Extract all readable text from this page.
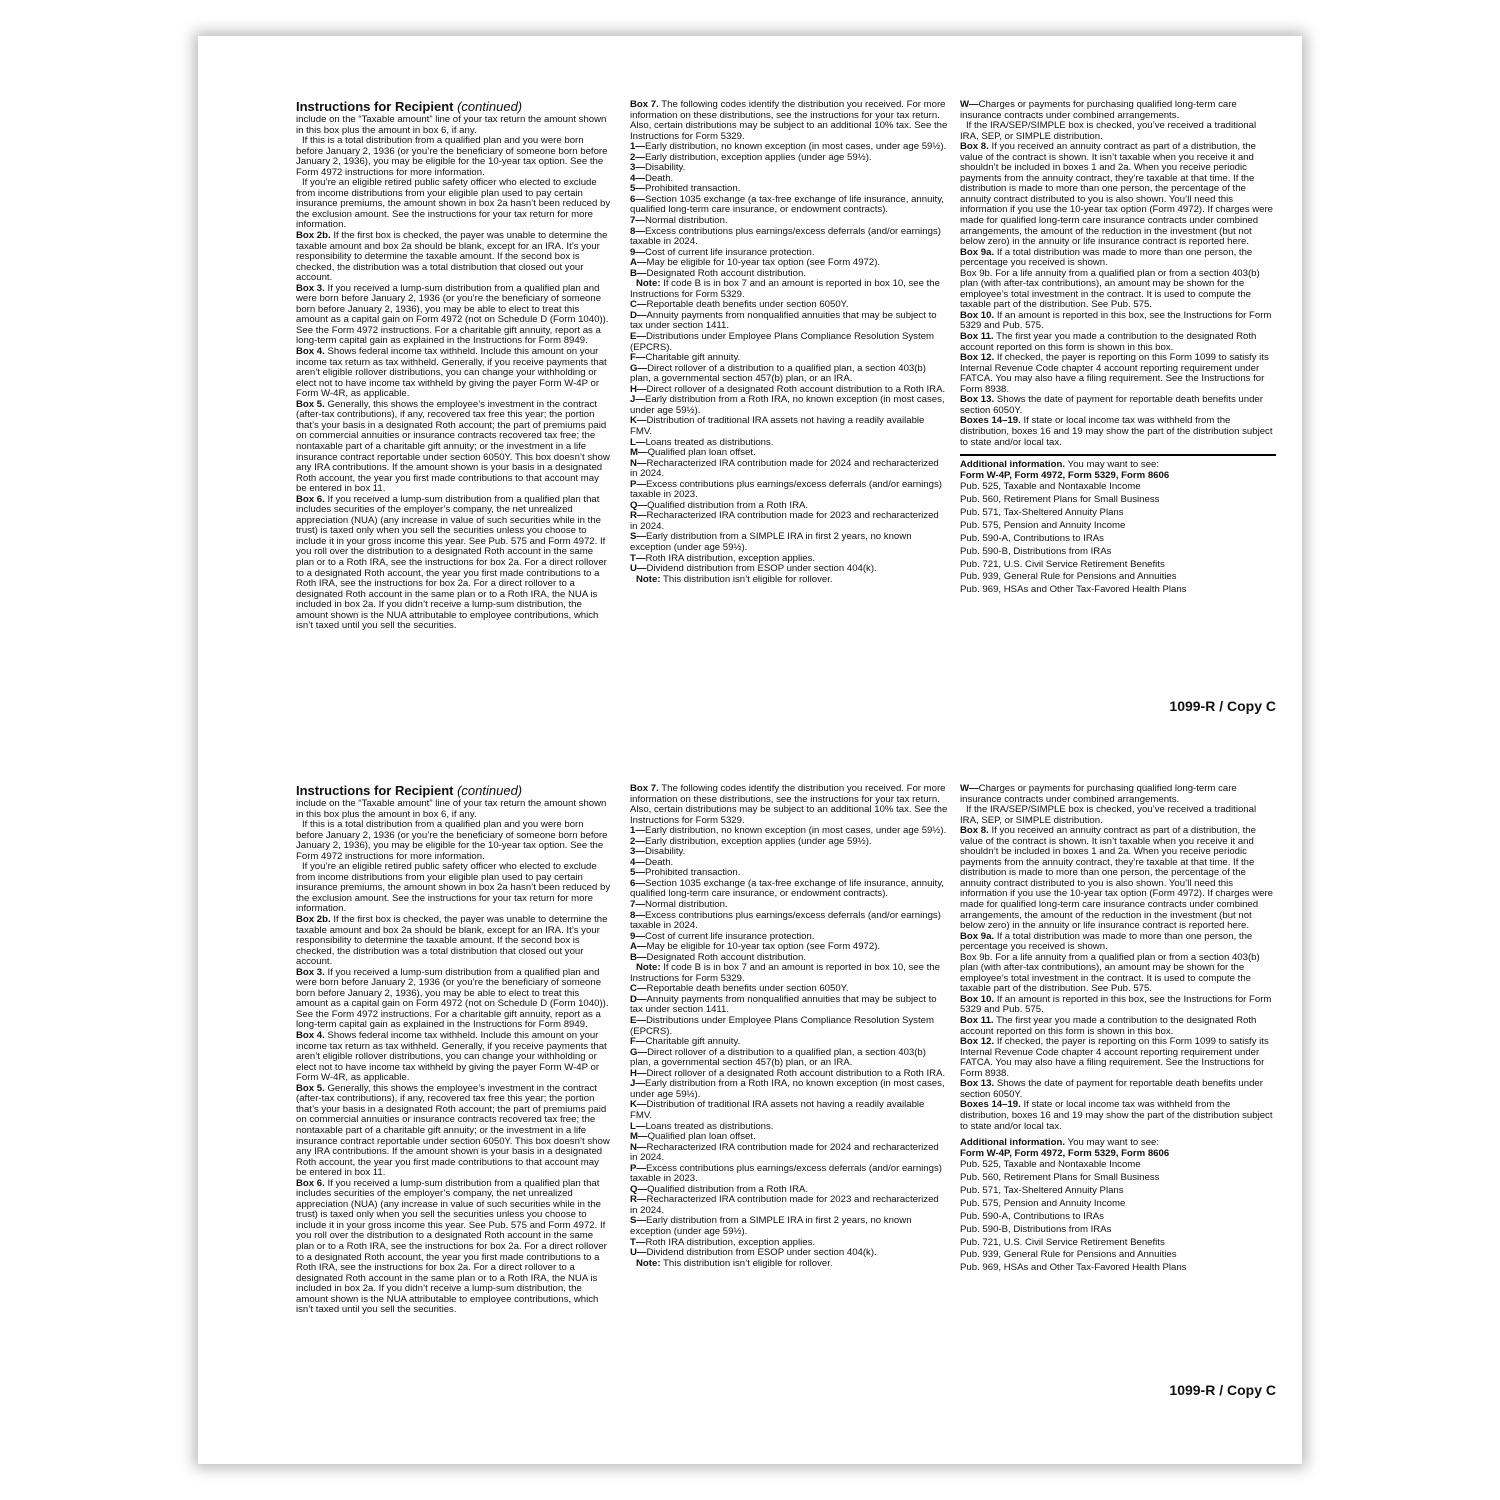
Instructions for Recipient (continued)

include on the “Taxable amount” line of your tax return the amount shown in this box plus the amount in box 6, if any.

If this is a total distribution from a qualified plan and you were born before January 2, 1936 (or you’re the beneficiary of someone born before January 2, 1936), you may be eligible for the 10-year tax option. See the Form 4972 instructions for more information.

If you’re an eligible retired public safety officer who elected to exclude from income distributions from your eligible plan used to pay certain insurance premiums, the amount shown in box 2a hasn’t been reduced by the exclusion amount. See the instructions for your tax return for more information.

Box 2b. If the first box is checked, the payer was unable to determine the taxable amount and box 2a should be blank, except for an IRA. It’s your responsibility to determine the taxable amount. If the second box is checked, the distribution was a total distribution that closed out your account.

Box 3. If you received a lump-sum distribution from a qualified plan and were born before January 2, 1936 (or you’re the beneficiary of someone born before January 2, 1936), you may be able to elect to treat this amount as a capital gain on Form 4972 (not on Schedule D (Form 1040)). See the Form 4972 instructions. For a charitable gift annuity, report as a long-term capital gain as explained in the Instructions for Form 8949.

Box 4. Shows federal income tax withheld. Include this amount on your income tax return as tax withheld. Generally, if you receive payments that aren’t eligible rollover distributions, you can change your withholding or elect not to have income tax withheld by giving the payer Form W-4P or Form W-4R, as applicable.

Box 5. Generally, this shows the employee’s investment in the contract (after-tax contributions), if any, recovered tax free this year; the portion that’s your basis in a designated Roth account; the part of premiums paid on commercial annuities or insurance contracts recovered tax free; the nontaxable part of a charitable gift annuity; or the investment in a life insurance contract reportable under section 6050Y. This box doesn’t show any IRA contributions. If the amount shown is your basis in a designated Roth account, the year you first made contributions to that account may be entered in box 11.

Box 6. If you received a lump-sum distribution from a qualified plan that includes securities of the employer’s company, the net unrealized appreciation (NUA) (any increase in value of such securities while in the trust) is taxed only when you sell the securities unless you choose to include it in your gross income this year. See Pub. 575 and Form 4972. If you roll over the distribution to a designated Roth account in the same plan or to a Roth IRA, see the instructions for box 2a. For a direct rollover to a designated Roth account, the year you first made contributions to a Roth IRA, see the instructions for box 2a. For a direct rollover to a designated Roth account in the same plan or to a Roth IRA, the NUA is included in box 2a. If you didn’t receive a lump-sum distribution, the amount shown is the NUA attributable to employee contributions, which isn’t taxed until you sell the securities.

Box 7. The following codes identify the distribution you received. For more information on these distributions, see the instructions for your tax return. Also, certain distributions may be subject to an additional 10% tax. See the Instructions for Form 5329.

1—Early distribution, no known exception (in most cases, under age 59½).

2—Early distribution, exception applies (under age 59½).

3—Disability.

4—Death.

5—Prohibited transaction.

6—Section 1035 exchange (a tax-free exchange of life insurance, annuity, qualified long-term care insurance, or endowment contracts).

7—Normal distribution.

8—Excess contributions plus earnings/excess deferrals (and/or earnings) taxable in 2024.

9—Cost of current life insurance protection.

A—May be eligible for 10-year tax option (see Form 4972).

B—Designated Roth account distribution.

Note: If code B is in box 7 and an amount is reported in box 10, see the Instructions for Form 5329.

C—Reportable death benefits under section 6050Y.

D—Annuity payments from nonqualified annuities that may be subject to tax under section 1411.

E—Distributions under Employee Plans Compliance Resolution System (EPCRS).

F—Charitable gift annuity.

G—Direct rollover of a distribution to a qualified plan, a section 403(b) plan, a governmental section 457(b) plan, or an IRA.

H—Direct rollover of a designated Roth account distribution to a Roth IRA.

J—Early distribution from a Roth IRA, no known exception (in most cases, under age 59½).

K—Distribution of traditional IRA assets not having a readily available FMV.

L—Loans treated as distributions.

M—Qualified plan loan offset.

N—Recharacterized IRA contribution made for 2024 and recharacterized in 2024.

P—Excess contributions plus earnings/excess deferrals (and/or earnings) taxable in 2023.

Q—Qualified distribution from a Roth IRA.

R—Recharacterized IRA contribution made for 2023 and recharacterized in 2024.

S—Early distribution from a SIMPLE IRA in first 2 years, no known exception (under age 59½).

T—Roth IRA distribution, exception applies.

U—Dividend distribution from ESOP under section 404(k).

Note: This distribution isn’t eligible for rollover.

W—Charges or payments for purchasing qualified long-term care insurance contracts under combined arrangements.

If the IRA/SEP/SIMPLE box is checked, you’ve received a traditional IRA, SEP, or SIMPLE distribution.

Box 8. If you received an annuity contract as part of a distribution, the value of the contract is shown. It isn’t taxable when you receive it and shouldn’t be included in boxes 1 and 2a. When you receive periodic payments from the annuity contract, they’re taxable at that time. If the distribution is made to more than one person, the percentage of the annuity contract distributed to you is also shown. You’ll need this information if you use the 10-year tax option (Form 4972). If charges were made for qualified long-term care insurance contracts under combined arrangements, the amount of the reduction in the investment (but not below zero) in the annuity or life insurance contract is reported here.

Box 9a. If a total distribution was made to more than one person, the percentage you received is shown.

Box 9b. For a life annuity from a qualified plan or from a section 403(b) plan (with after-tax contributions), an amount may be shown for the employee’s total investment in the contract. It is used to compute the taxable part of the distribution. See Pub. 575.

Box 10. If an amount is reported in this box, see the Instructions for Form 5329 and Pub. 575.

Box 11. The first year you made a contribution to the designated Roth account reported on this form is shown in this box.

Box 12. If checked, the payer is reporting on this Form 1099 to satisfy its Internal Revenue Code chapter 4 account reporting requirement under FATCA. You may also have a filing requirement. See the Instructions for Form 8938.

Box 13. Shows the date of payment for reportable death benefits under section 6050Y.

Boxes 14–19. If state or local income tax was withheld from the distribution, boxes 16 and 19 may show the part of the distribution subject to state and/or local tax.

Additional information. You may want to see:
Form W-4P, Form 4972, Form 5329, Form 8606
Pub. 525, Taxable and Nontaxable Income
Pub. 560, Retirement Plans for Small Business
Pub. 571, Tax-Sheltered Annuity Plans
Pub. 575, Pension and Annuity Income
Pub. 590-A, Contributions to IRAs
Pub. 590-B, Distributions from IRAs
Pub. 721, U.S. Civil Service Retirement Benefits
Pub. 939, General Rule for Pensions and Annuities
Pub. 969, HSAs and Other Tax-Favored Health Plans
1099-R / Copy C
Instructions for Recipient (continued)

include on the “Taxable amount” line of your tax return the amount shown in this box plus the amount in box 6, if any.

If this is a total distribution from a qualified plan and you were born before January 2, 1936 (or you’re the beneficiary of someone born before January 2, 1936), you may be eligible for the 10-year tax option. See the Form 4972 instructions for more information.

If you’re an eligible retired public safety officer who elected to exclude from income distributions from your eligible plan used to pay certain insurance premiums, the amount shown in box 2a hasn’t been reduced by the exclusion amount. See the instructions for your tax return for more information.

Box 2b. If the first box is checked, the payer was unable to determine the taxable amount and box 2a should be blank, except for an IRA. It’s your responsibility to determine the taxable amount. If the second box is checked, the distribution was a total distribution that closed out your account.

Box 3. If you received a lump-sum distribution from a qualified plan and were born before January 2, 1936 (or you’re the beneficiary of someone born before January 2, 1936), you may be able to elect to treat this amount as a capital gain on Form 4972 (not on Schedule D (Form 1040)). See the Form 4972 instructions. For a charitable gift annuity, report as a long-term capital gain as explained in the Instructions for Form 8949.

Box 4. Shows federal income tax withheld. Include this amount on your income tax return as tax withheld. Generally, if you receive payments that aren’t eligible rollover distributions, you can change your withholding or elect not to have income tax withheld by giving the payer Form W-4P or Form W-4R, as applicable.

Box 5. Generally, this shows the employee’s investment in the contract (after-tax contributions), if any, recovered tax free this year; the portion that’s your basis in a designated Roth account; the part of premiums paid on commercial annuities or insurance contracts recovered tax free; the nontaxable part of a charitable gift annuity; or the investment in a life insurance contract reportable under section 6050Y. This box doesn’t show any IRA contributions. If the amount shown is your basis in a designated Roth account, the year you first made contributions to that account may be entered in box 11.

Box 6. If you received a lump-sum distribution from a qualified plan that includes securities of the employer’s company, the net unrealized appreciation (NUA) (any increase in value of such securities while in the trust) is taxed only when you sell the securities unless you choose to include it in your gross income this year. See Pub. 575 and Form 4972. If you roll over the distribution to a designated Roth account in the same plan or to a Roth IRA, see the instructions for box 2a. For a direct rollover to a designated Roth account, the year you first made contributions to a Roth IRA, see the instructions for box 2a. For a direct rollover to a designated Roth account in the same plan or to a Roth IRA, the NUA is included in box 2a. If you didn’t receive a lump-sum distribution, the amount shown is the NUA attributable to employee contributions, which isn’t taxed until you sell the securities.

Box 7. The following codes identify the distribution you received. For more information on these distributions, see the instructions for your tax return. Also, certain distributions may be subject to an additional 10% tax. See the Instructions for Form 5329.

1—Early distribution, no known exception (in most cases, under age 59½).

2—Early distribution, exception applies (under age 59½).

3—Disability.

4—Death.

5—Prohibited transaction.

6—Section 1035 exchange (a tax-free exchange of life insurance, annuity, qualified long-term care insurance, or endowment contracts).

7—Normal distribution.

8—Excess contributions plus earnings/excess deferrals (and/or earnings) taxable in 2024.

9—Cost of current life insurance protection.

A—May be eligible for 10-year tax option (see Form 4972).

B—Designated Roth account distribution.

Note: If code B is in box 7 and an amount is reported in box 10, see the Instructions for Form 5329.

C—Reportable death benefits under section 6050Y.

D—Annuity payments from nonqualified annuities that may be subject to tax under section 1411.

E—Distributions under Employee Plans Compliance Resolution System (EPCRS).

F—Charitable gift annuity.

G—Direct rollover of a distribution to a qualified plan, a section 403(b) plan, a governmental section 457(b) plan, or an IRA.

H—Direct rollover of a designated Roth account distribution to a Roth IRA.

J—Early distribution from a Roth IRA, no known exception (in most cases, under age 59½).

K—Distribution of traditional IRA assets not having a readily available FMV.

L—Loans treated as distributions.

M—Qualified plan loan offset.

N—Recharacterized IRA contribution made for 2024 and recharacterized in 2024.

P—Excess contributions plus earnings/excess deferrals (and/or earnings) taxable in 2023.

Q—Qualified distribution from a Roth IRA.

R—Recharacterized IRA contribution made for 2023 and recharacterized in 2024.

S—Early distribution from a SIMPLE IRA in first 2 years, no known exception (under age 59½).

T—Roth IRA distribution, exception applies.

U—Dividend distribution from ESOP under section 404(k).

Note: This distribution isn’t eligible for rollover.

W—Charges or payments for purchasing qualified long-term care insurance contracts under combined arrangements.

If the IRA/SEP/SIMPLE box is checked, you’ve received a traditional IRA, SEP, or SIMPLE distribution.

Box 8. If you received an annuity contract as part of a distribution, the value of the contract is shown. It isn’t taxable when you receive it and shouldn’t be included in boxes 1 and 2a. When you receive periodic payments from the annuity contract, they’re taxable at that time. If the distribution is made to more than one person, the percentage of the annuity contract distributed to you is also shown. You’ll need this information if you use the 10-year tax option (Form 4972). If charges were made for qualified long-term care insurance contracts under combined arrangements, the amount of the reduction in the investment (but not below zero) in the annuity or life insurance contract is reported here.

Box 9a. If a total distribution was made to more than one person, the percentage you received is shown.

Box 9b. For a life annuity from a qualified plan or from a section 403(b) plan (with after-tax contributions), an amount may be shown for the employee’s total investment in the contract. It is used to compute the taxable part of the distribution. See Pub. 575.

Box 10. If an amount is reported in this box, see the Instructions for Form 5329 and Pub. 575.

Box 11. The first year you made a contribution to the designated Roth account reported on this form is shown in this box.

Box 12. If checked, the payer is reporting on this Form 1099 to satisfy its Internal Revenue Code chapter 4 account reporting requirement under FATCA. You may also have a filing requirement. See the Instructions for Form 8938.

Box 13. Shows the date of payment for reportable death benefits under section 6050Y.

Boxes 14–19. If state or local income tax was withheld from the distribution, boxes 16 and 19 may show the part of the distribution subject to state and/or local tax.

Additional information. You may want to see:
Form W-4P, Form 4972, Form 5329, Form 8606
Pub. 525, Taxable and Nontaxable Income
Pub. 560, Retirement Plans for Small Business
Pub. 571, Tax-Sheltered Annuity Plans
Pub. 575, Pension and Annuity Income
Pub. 590-A, Contributions to IRAs
Pub. 590-B, Distributions from IRAs
Pub. 721, U.S. Civil Service Retirement Benefits
Pub. 939, General Rule for Pensions and Annuities
Pub. 969, HSAs and Other Tax-Favored Health Plans
1099-R / Copy C
